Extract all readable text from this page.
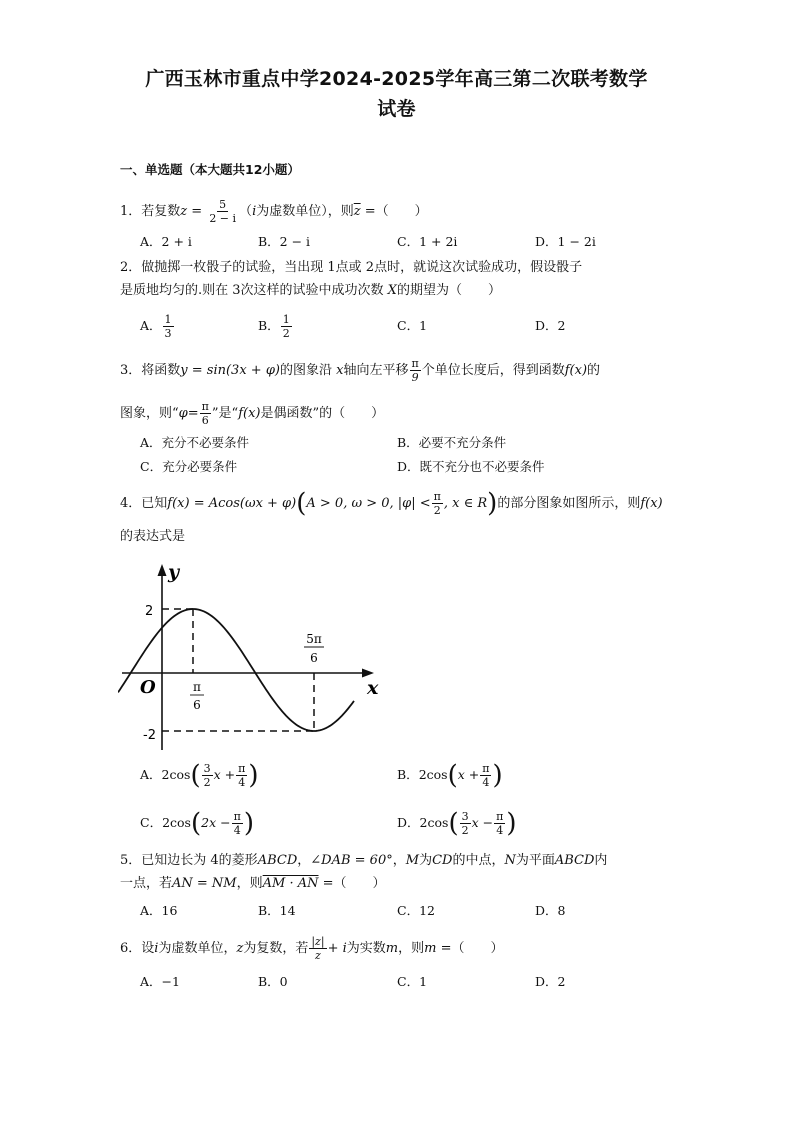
广西玉林市重点中学2024-2025学年高三第二次联考数学
试卷
一、单选题（本大题共12小题）
1．若复数$z = \frac{5}{2 - i} (i$为虚数单位），则$\overline{z}$ =（　　）
A．2 + i	B．2 − i	C．1 + 2i	D．1 − 2i
2．做抛掷一枚骰子的试验，当出现 1点或 2点时，就说这次试验成功，假设骰子
是质地均匀的.则在 3次这样的试验中成功次数 X的期望为（　　）
A． $\frac{1}{3}$	B． $\frac{1}{2}$	C．1	D．2
3．将函数y = sin(3x + φ)的图象沿 x轴向左平移 $\frac{\pi}{9}$ 个单位长度后，得到函数f(x)的
图象，则“$\varphi= \frac{\pi}{6}$ ”是“f(x)是偶函数”的（　　）
A．充分不必要条件	B．必要不充分条件
C．充分必要条件	D．既不充分也不必要条件
4．已知f(x) = Acos(ωx + φ)(A > 0, ω > 0, $|\varphi| < \frac{\pi}{2}$ , x ∈ R)的部分图象如图所示，则f(x)
的表达式是
y
x
O
2
-2
π
6
5π
6
A．$2\cos( \frac{3}{2}$ $x + \frac{\pi}{4}$ )	B．$2\cos(x + \frac{\pi}{4}$ )
C．$2\cos(2x - \frac{\pi}{4}$ )	D．$2\cos( \frac{3}{2}$ $x - \frac{\pi}{4}$ )
5．已知边长为 4的菱形ABCD，∠DAB = 60°，M为CD的中点，N为平面ABCD内
一点，若AN = NM，则AM · AN =（　　）
A．16	B．14	C．12	D．8
6．设i为虚数单位，z为复数，若 $\frac{|z|}{z} + i$为实数m，则m =（　　）
A．−1	B．0	C．1	D．2
